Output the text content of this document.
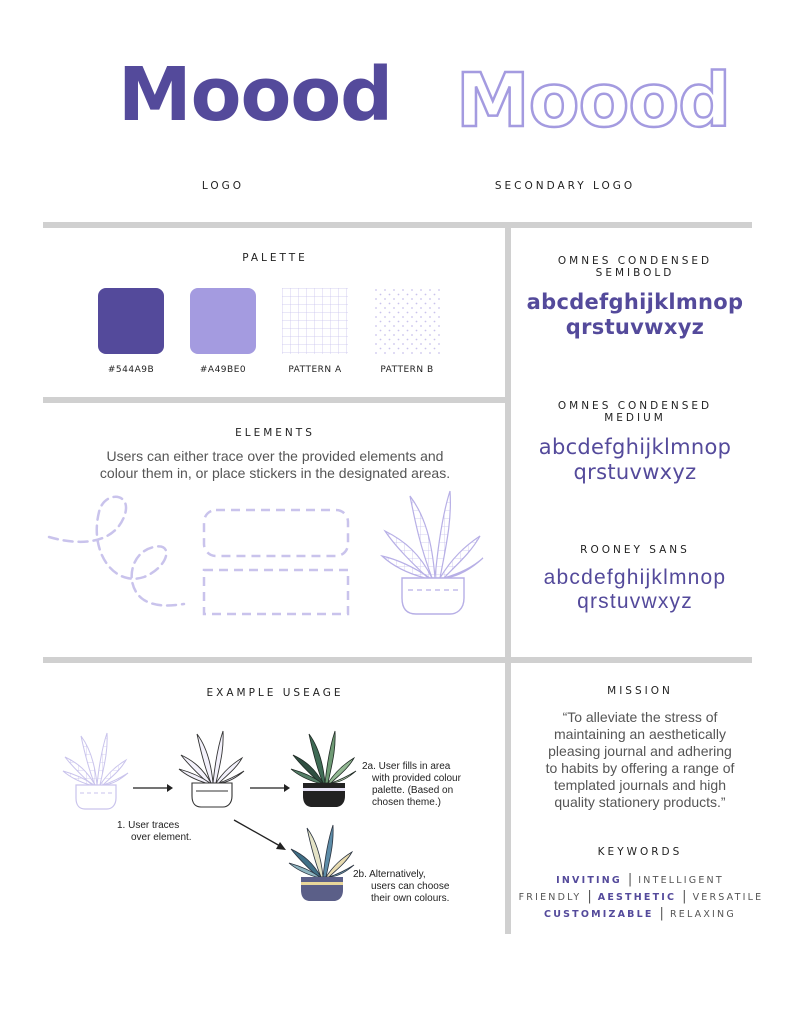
Moood
LOGO
Moood
SECONDARY LOGO
PALETTE
#544A9B	#A49BE0	PATTERN A	PATTERN B
ELEMENTS
Users can either trace over the provided elements and
colour them in, or place stickers in the designated areas.
OMNES CONDENSED
SEMIBOLD
abcdefghijklmnop
qrstuvwxyz
OMNES CONDENSED
MEDIUM
abcdefghijklmnop
qrstuvwxyz
ROONEY SANS
abcdefghijklmnop
qrstuvwxyz
EXAMPLE USEAGE
2a. User fills in area
with provided colour
palette. (Based on
chosen theme.)
1. User traces
over element.
2b. Alternatively,
users can choose
their own colours.
MISSION
“To alleviate the stress of
maintaining an aesthetically
pleasing journal and adhering
to habits by offering a range of
templated journals and high
quality stationery products.”
KEYWORDS
INVITING | INTELLIGENT
FRIENDLY | AESTHETIC | VERSATILE
CUSTOMIZABLE | RELAXING
